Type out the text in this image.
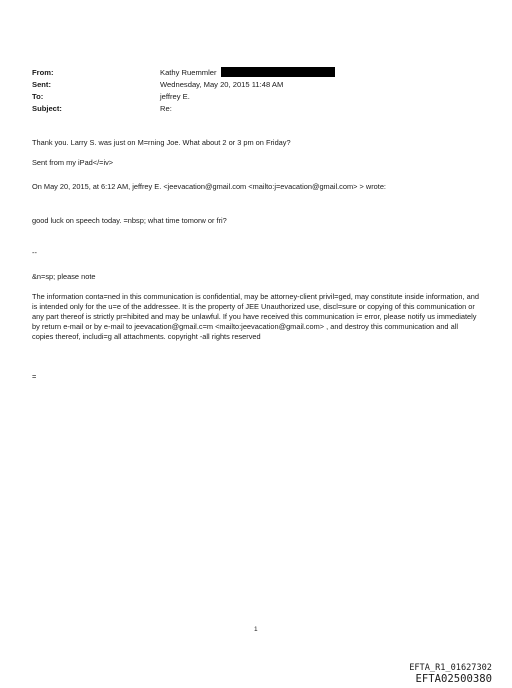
From:	Kathy Ruemmler
Sent:	Wednesday, May 20, 2015 11:48 AM
To:	jeffrey E.
Subject:	Re:

Thank you. Larry S. was just on M=rning Joe. What about 2 or 3 pm on Friday?

Sent from my iPad</=iv>

On May 20, 2015, at 6:12 AM, jeffrey E. <jeevacation@gmail.com <mailto:j=evacation@gmail.com> > wrote:

good luck on speech today. =nbsp; what time tomorw or fri?

--

&n=sp; please note

The information conta=ned in this communication is confidential, may be attorney-client privil=ged, may constitute inside information, and is intended only for the u=e of the addressee. It is the property of JEE Unauthorized use, discl=sure or copying of this communication or any part thereof is strictly pr=hibited and may be unlawful. If you have received this communication i= error, please notify us immediately by return e-mail or by e-mail to jeevacation@gmail.c=m <mailto:jeevacation@gmail.com> , and destroy this communication and all copies thereof, includi=g all attachments. copyright -all rights reserved

=

1
EFTA_R1_01627302
EFTA02500380
